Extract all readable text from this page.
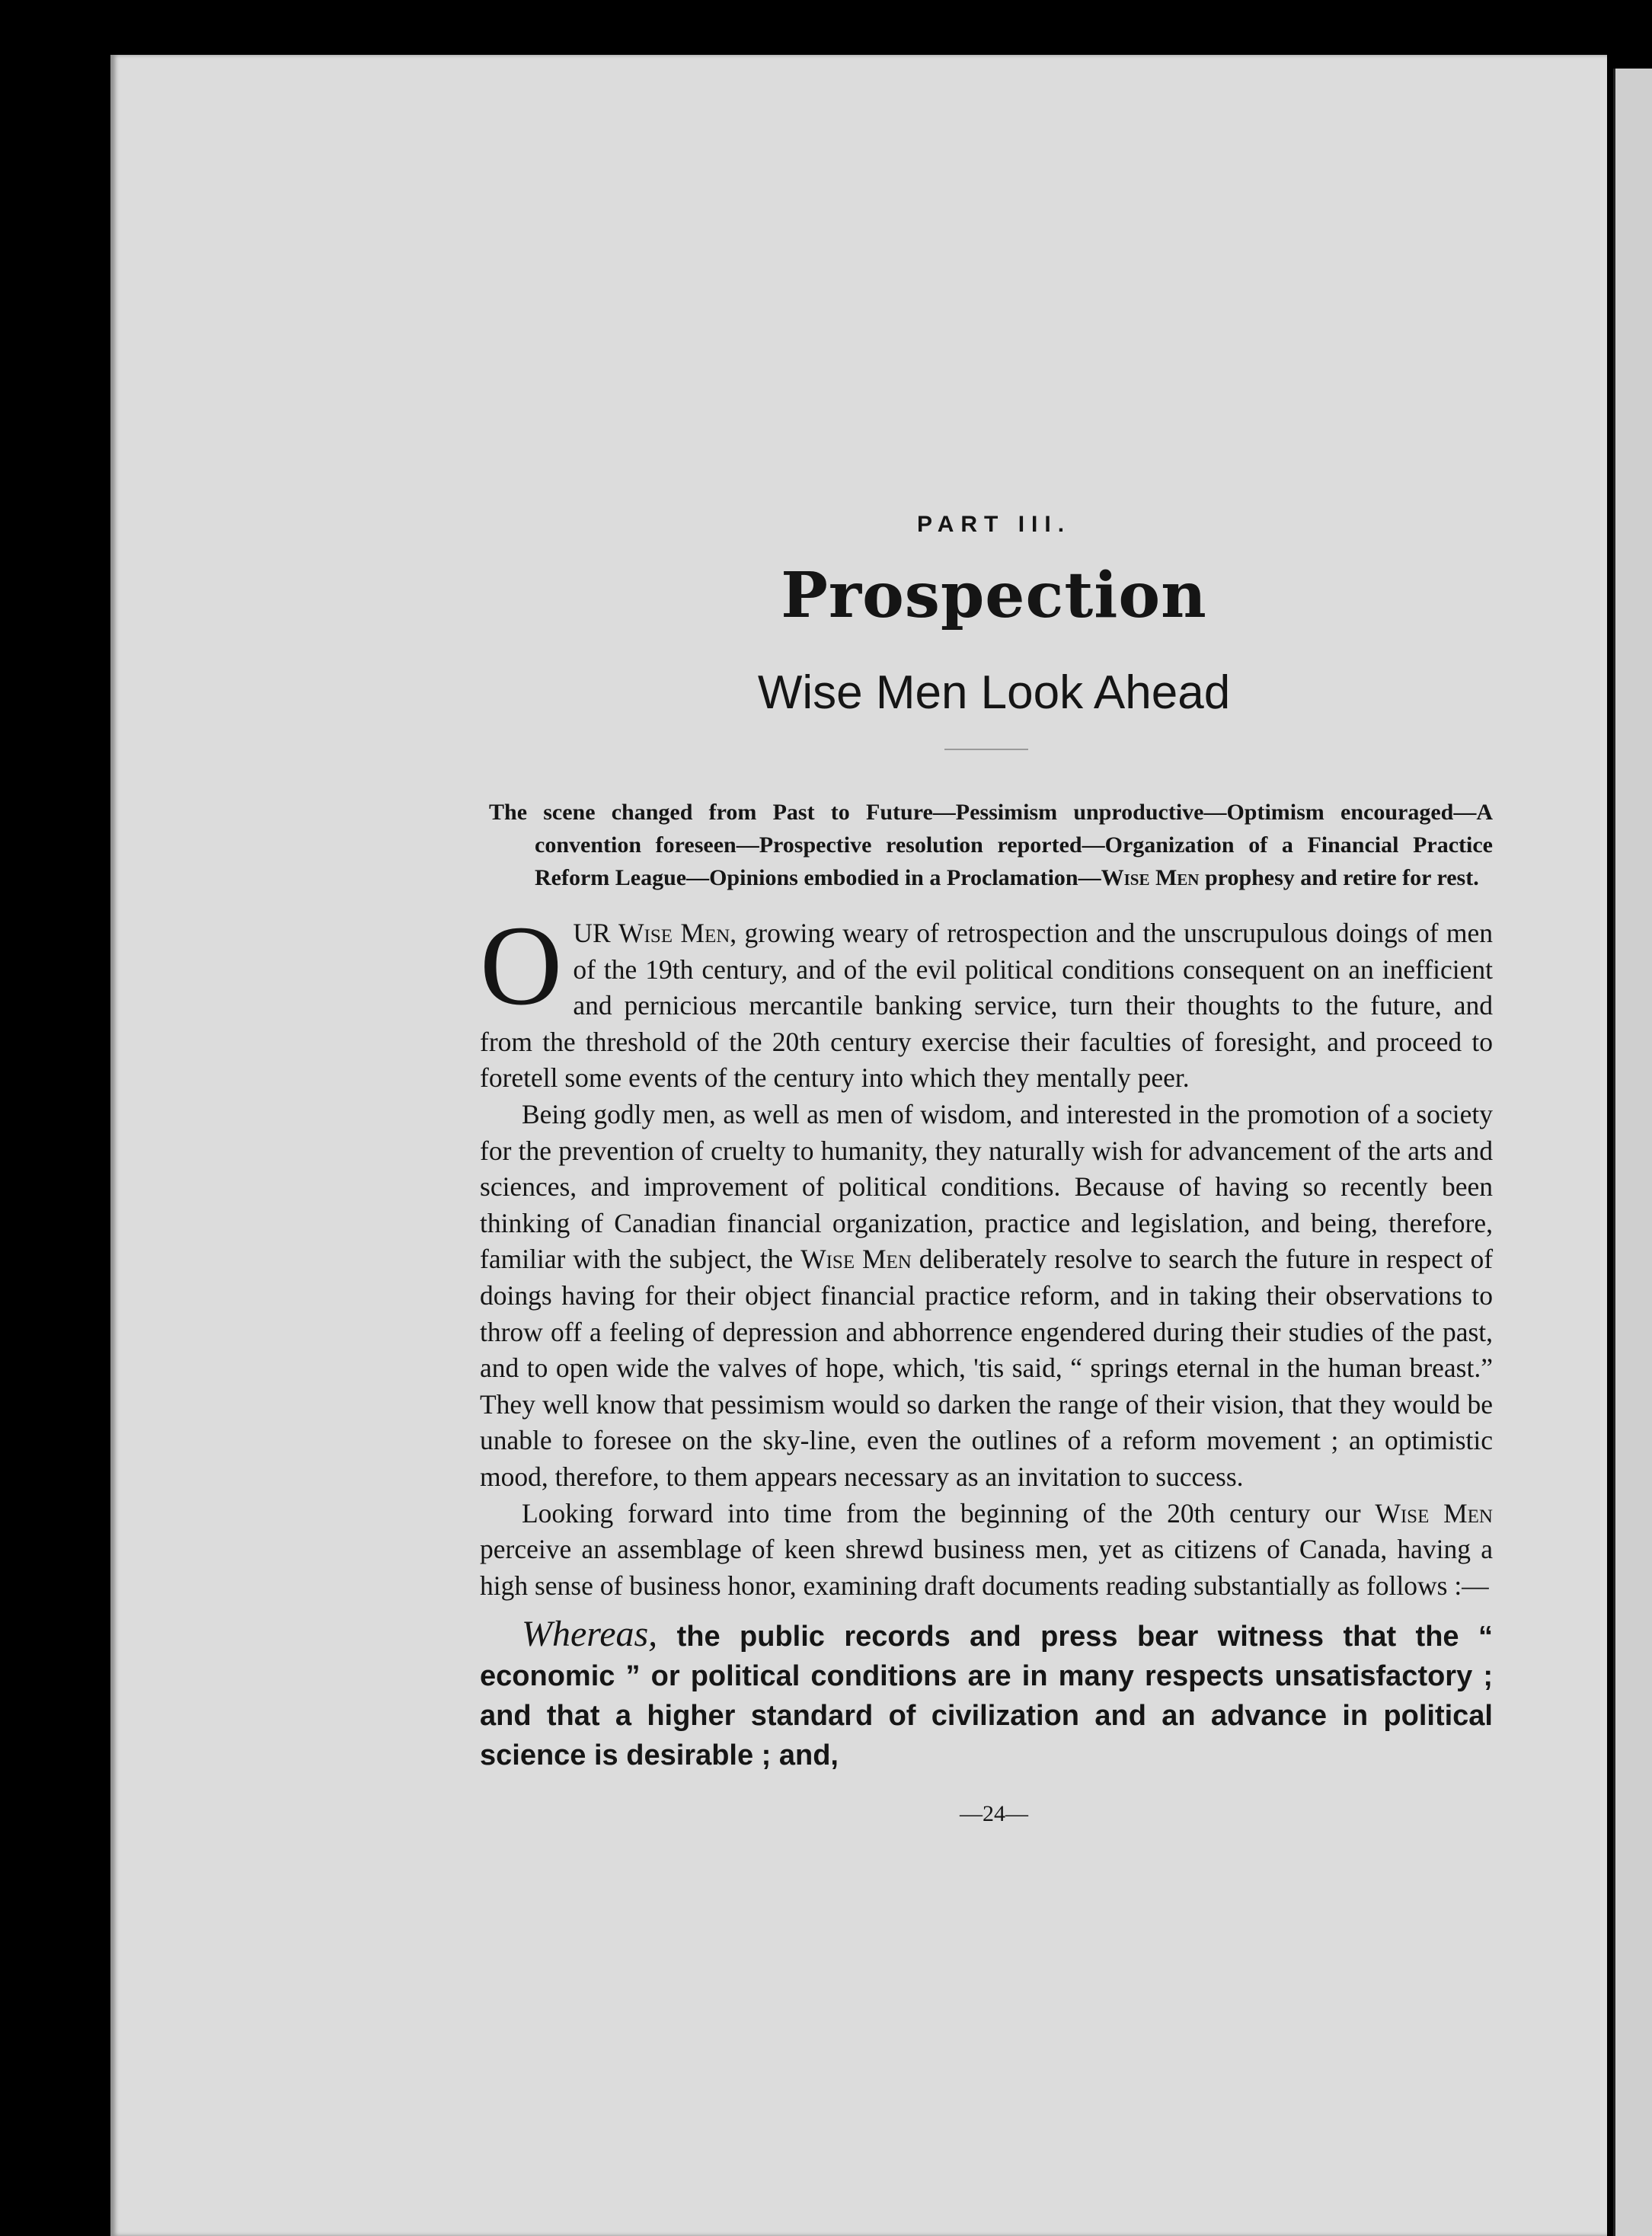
PART III.
Prospection
Wise Men Look Ahead

The scene changed from Past to Future—Pessimism unproductive—Optimism encouraged—A convention foreseen—Prospective resolution reported—Organization of a Financial Practice Reform League—Opinions embodied in a Proclamation—Wise Men prophesy and retire for rest.

OUR Wise Men, growing weary of retrospection and the unscrupulous doings of men of the 19th century, and of the evil political conditions consequent on an inefficient and pernicious mercantile banking service, turn their thoughts to the future, and from the threshold of the 20th century exercise their faculties of foresight, and proceed to foretell some events of the century into which they mentally peer.

Being godly men, as well as men of wisdom, and interested in the promotion of a society for the prevention of cruelty to humanity, they naturally wish for advancement of the arts and sciences, and improvement of political conditions. Because of having so recently been thinking of Canadian financial organization, practice and legislation, and being, therefore, familiar with the subject, the Wise Men deliberately resolve to search the future in respect of doings having for their object financial practice reform, and in taking their observations to throw off a feeling of depression and abhorrence engendered during their studies of the past, and to open wide the valves of hope, which, 'tis said, “ springs eternal in the human breast.” They well know that pessimism would so darken the range of their vision, that they would be unable to foresee on the sky-line, even the outlines of a reform movement ; an optimistic mood, therefore, to them appears necessary as an invitation to success.

Looking forward into time from the beginning of the 20th century our Wise Men perceive an assemblage of keen shrewd business men, yet as citizens of Canada, having a high sense of business honor, examining draft documents reading substantially as follows :—

Whereas, the public records and press bear witness that the “ economic ” or political conditions are in many respects unsatisfactory ; and that a higher standard of civilization and an advance in political science is desirable ; and,

—24—
